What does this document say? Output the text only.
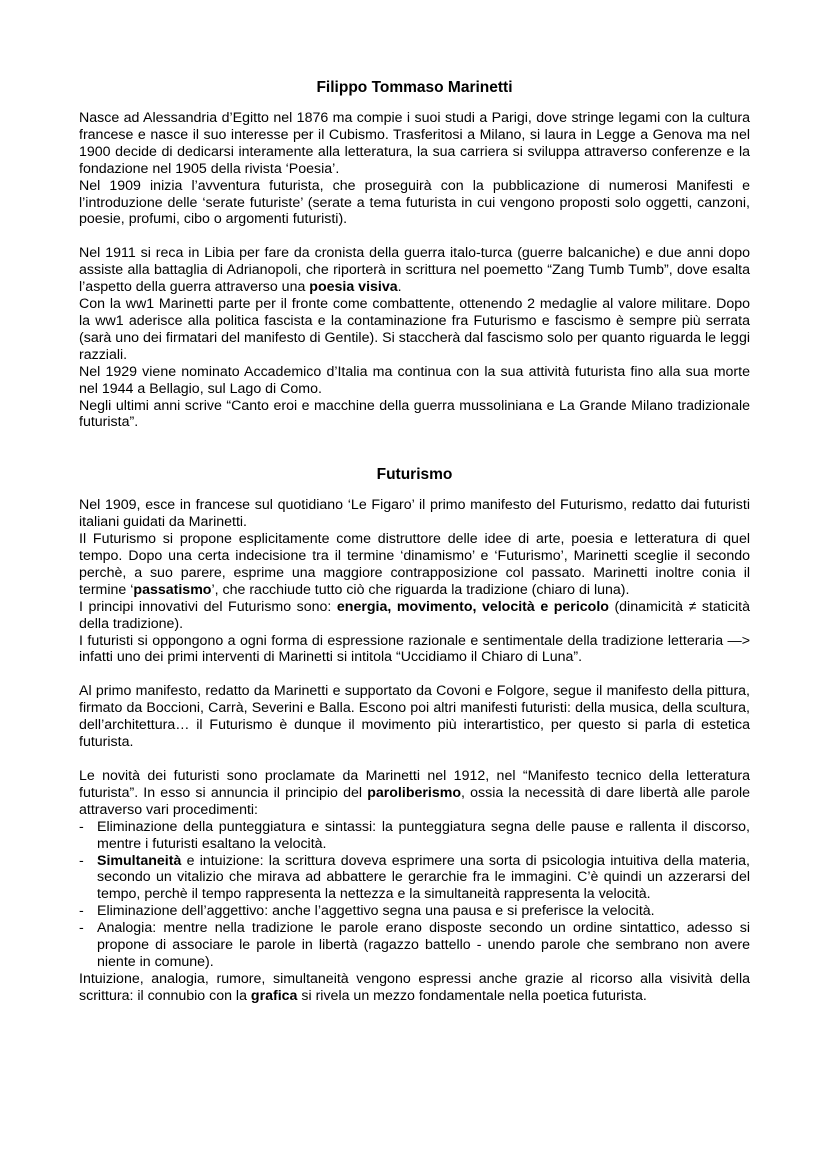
Filippo Tommaso Marinetti

Nasce ad Alessandria d’Egitto nel 1876 ma compie i suoi studi a Parigi, dove stringe legami con la cultura francese e nasce il suo interesse per il Cubismo. Trasferitosi a Milano, si laura in Legge a Genova ma nel 1900 decide di dedicarsi interamente alla letteratura, la sua carriera si sviluppa attraverso conferenze e la fondazione nel 1905 della rivista ‘Poesia’.

Nel 1909 inizia l’avventura futurista, che proseguirà con la pubblicazione di numerosi Manifesti e l’introduzione delle ‘serate futuriste’ (serate a tema futurista in cui vengono proposti solo oggetti, canzoni, poesie, profumi, cibo o argomenti futuristi).

Nel 1911 si reca in Libia per fare da cronista della guerra italo-turca (guerre balcaniche) e due anni dopo assiste alla battaglia di Adrianopoli, che riporterà in scrittura nel poemetto “Zang Tumb Tumb”, dove esalta l’aspetto della guerra attraverso una poesia visiva.

Con la ww1 Marinetti parte per il fronte come combattente, ottenendo 2 medaglie al valore militare. Dopo la ww1 aderisce alla politica fascista e la contaminazione fra Futurismo e fascismo è sempre più serrata (sarà uno dei firmatari del manifesto di Gentile). Si staccherà dal fascismo solo per quanto riguarda le leggi razziali.

Nel 1929 viene nominato Accademico d’Italia ma continua con la sua attività futurista fino alla sua morte nel 1944 a Bellagio, sul Lago di Como.

Negli ultimi anni scrive “Canto eroi e macchine della guerra mussoliniana e La Grande Milano tradizionale futurista”.

Futurismo

Nel 1909, esce in francese sul quotidiano ‘Le Figaro’ il primo manifesto del Futurismo, redatto dai futuristi italiani guidati da Marinetti.

Il Futurismo si propone esplicitamente come distruttore delle idee di arte, poesia e letteratura di quel tempo. Dopo una certa indecisione tra il termine ‘dinamismo’ e ‘Futurismo’, Marinetti sceglie il secondo perchè, a suo parere, esprime una maggiore contrapposizione col passato. Marinetti inoltre conia il termine ‘passatismo’, che racchiude tutto ciò che riguarda la tradizione (chiaro di luna).

I principi innovativi del Futurismo sono: energia, movimento, velocità e pericolo (dinamicità ≠ staticità della tradizione).

I futuristi si oppongono a ogni forma di espressione razionale e sentimentale della tradizione letteraria —> infatti uno dei primi interventi di Marinetti si intitola “Uccidiamo il Chiaro di Luna”.

Al primo manifesto, redatto da Marinetti e supportato da Covoni e Folgore, segue il manifesto della pittura, firmato da Boccioni, Carrà, Severini e Balla. Escono poi altri manifesti futuristi: della musica, della scultura, dell’architettura… il Futurismo è dunque il movimento più interartistico, per questo si parla di estetica futurista.

Le novità dei futuristi sono proclamate da Marinetti nel 1912, nel “Manifesto tecnico della letteratura futurista”. In esso si annuncia il principio del paroliberismo, ossia la necessità di dare libertà alle parole attraverso vari procedimenti:

- Eliminazione della punteggiatura e sintassi: la punteggiatura segna delle pause e rallenta il discorso, mentre i futuristi esaltano la velocità.
- Simultaneità e intuizione: la scrittura doveva esprimere una sorta di psicologia intuitiva della materia, secondo un vitalizio che mirava ad abbattere le gerarchie fra le immagini. C’è quindi un azzerarsi del tempo, perchè il tempo rappresenta la nettezza e la simultaneità rappresenta la velocità.
- Eliminazione dell’aggettivo: anche l’aggettivo segna una pausa e si preferisce la velocità.
- Analogia: mentre nella tradizione le parole erano disposte secondo un ordine sintattico, adesso si propone di associare le parole in libertà (ragazzo battello - unendo parole che sembrano non avere niente in comune).

Intuizione, analogia, rumore, simultaneità vengono espressi anche grazie al ricorso alla visività della scrittura: il connubio con la grafica si rivela un mezzo fondamentale nella poetica futurista.
